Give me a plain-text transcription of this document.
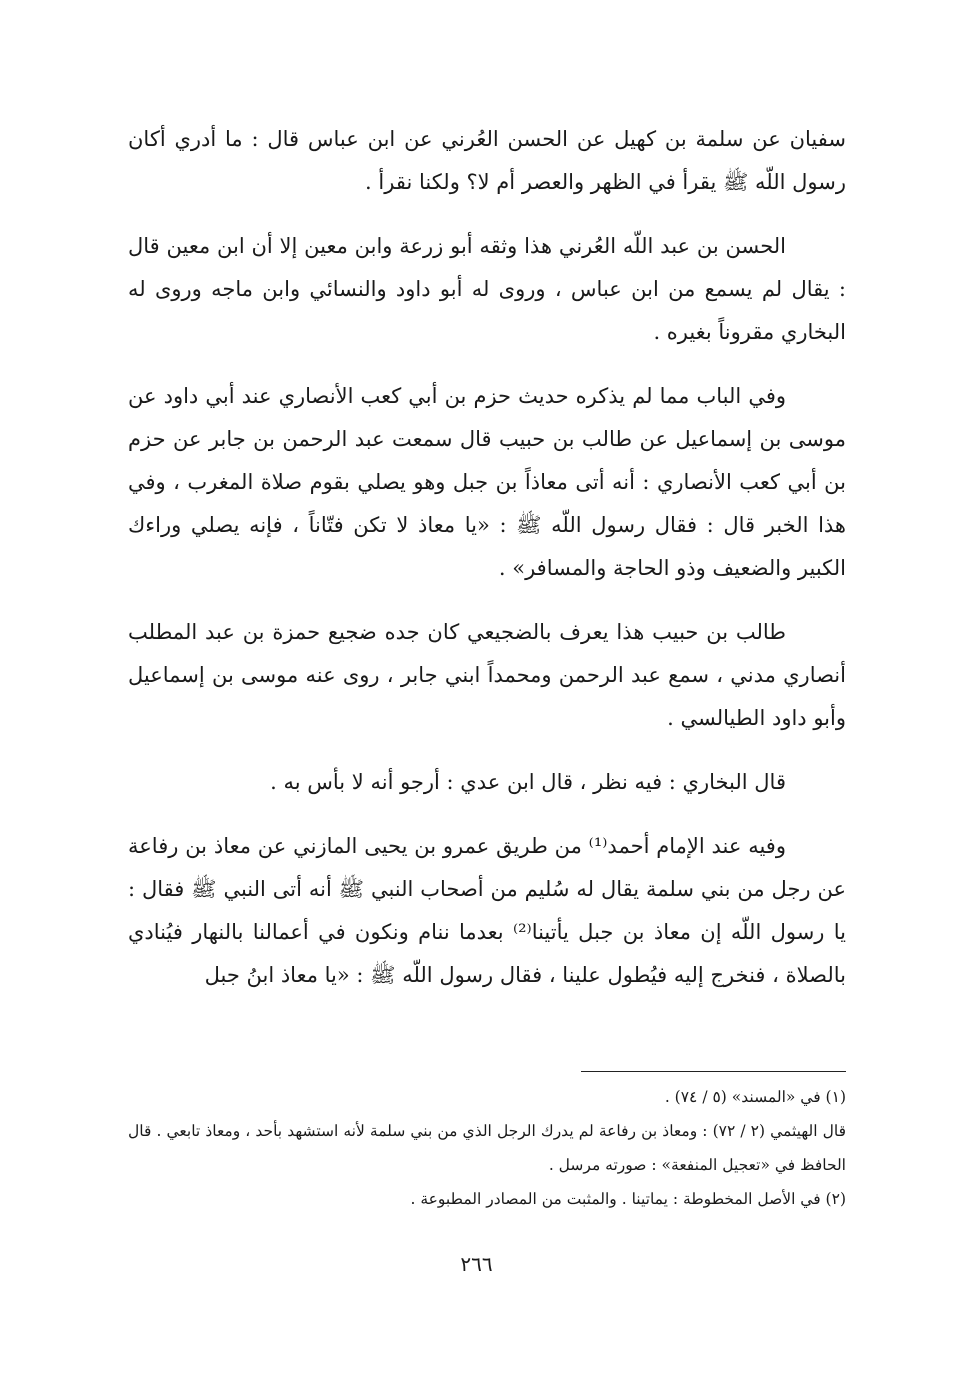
سفيان عن سلمة بن كهيل عن الحسن العُرني عن ابن عباس قال : ما أدري أكان رسول اللّه ﷺ يقرأ في الظهر والعصر أم لا؟ ولكنا نقرأ .

الحسن بن عبد اللّه العُرني هذا وثقه أبو زرعة وابن معين إلا أن ابن معين قال : يقال لم يسمع من ابن عباس ، وروى له أبو داود والنسائي وابن ماجه وروى له البخاري مقروناً بغيره .

وفي الباب مما لم يذكره حديث حزم بن أبي كعب الأنصاري عند أبي داود عن موسى بن إسماعيل عن طالب بن حبيب قال سمعت عبد الرحمن بن جابر عن حزم بن أبي كعب الأنصاري : أنه أتى معاذاً بن جبل وهو يصلي بقوم صلاة المغرب ، وفي هذا الخبر قال : فقال رسول اللّه ﷺ : «يا معاذ لا تكن فتّاناً ، فإنه يصلي وراءك الكبير والضعيف وذو الحاجة والمسافر» .

طالب بن حبيب هذا يعرف بالضجيعي كان جده ضجيع حمزة بن عبد المطلب أنصاري مدني ، سمع عبد الرحمن ومحمداً ابني جابر ، روى عنه موسى بن إسماعيل وأبو داود الطيالسي .

قال البخاري : فيه نظر ، قال ابن عدي : أرجو أنه لا بأس به .

وفيه عند الإمام أحمد⁽¹⁾ من طريق عمرو بن يحيى المازني عن معاذ بن رفاعة عن رجل من بني سلمة يقال له سُليم من أصحاب النبي ﷺ أنه أتى النبي ﷺ فقال : يا رسول اللّه إن معاذ بن جبل يأتينا⁽²⁾ بعدما ننام ونكون في أعمالنا بالنهار فيُنادي بالصلاة ، فنخرج إليه فيُطول علينا ، فقال رسول اللّه ﷺ : «يا معاذ ابنُ جبل

(١) في «المسند» (٥ / ٧٤) .

قال الهيثمي (٢ / ٧٢) : ومعاذ بن رفاعة لم يدرك الرجل الذي من بني سلمة لأنه استشهد بأحد ، ومعاذ تابعي . قال الحافظ في «تعجيل المنفعة» : صورته مرسل .

(٢) في الأصل المخطوطة : يماتينا . والمثبت من المصادر المطبوعة .

٢٦٦
